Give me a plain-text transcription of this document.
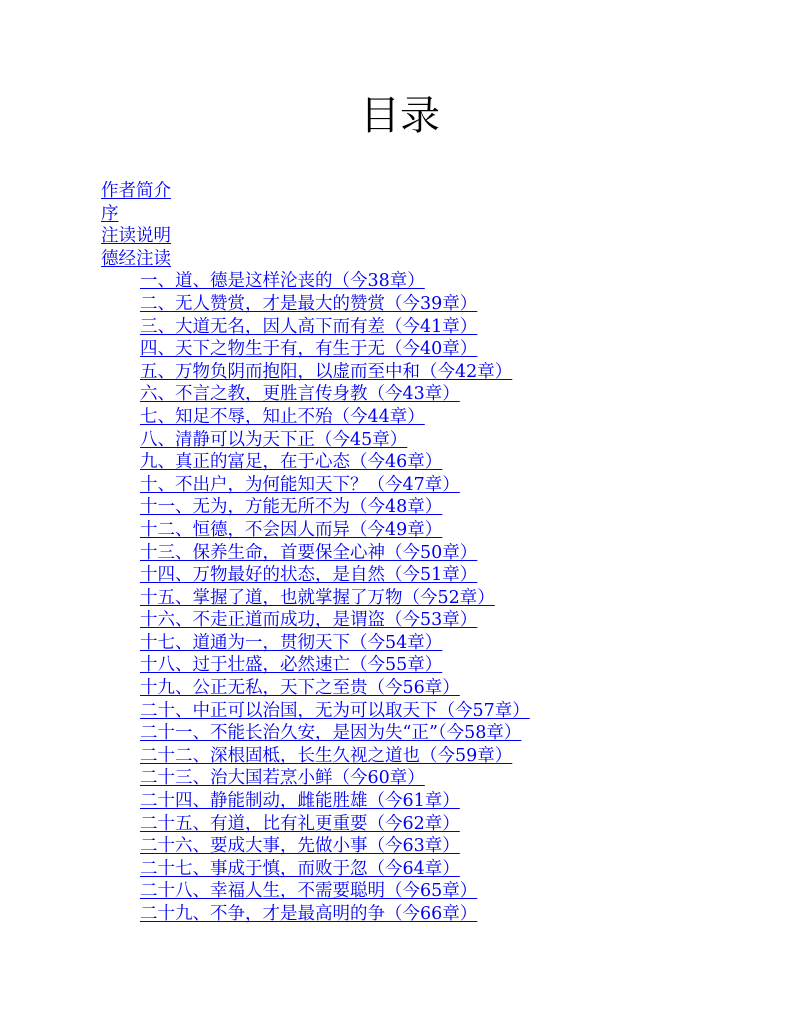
目录
作者简介
序
注读说明
德经注读
一、道、德是这样沦丧的（今38章）
二、无人赞赏，才是最大的赞赏（今39章）
三、大道无名，因人高下而有差（今41章）
四、天下之物生于有，有生于无（今40章）
五、万物负阴而抱阳，以虚而至中和（今42章）
六、不言之教，更胜言传身教（今43章）
七、知足不辱，知止不殆（今44章）
八、清静可以为天下正（今45章）
九、真正的富足，在于心态（今46章）
十、不出户，为何能知天下？（今47章）
十一、无为，方能无所不为（今48章）
十二、恒德，不会因人而异（今49章）
十三、保养生命，首要保全心神（今50章）
十四、万物最好的状态，是自然（今51章）
十五、掌握了道，也就掌握了万物（今52章）
十六、不走正道而成功，是谓盗（今53章）
十七、道通为一，贯彻天下（今54章）
十八、过于壮盛，必然速亡（今55章）
十九、公正无私，天下之至贵（今56章）
二十、中正可以治国，无为可以取天下（今57章）
二十一、不能长治久安，是因为失“正”（今58章）
二十二、深根固柢，长生久视之道也（今59章）
二十三、治大国若烹小鲜（今60章）
二十四、静能制动，雌能胜雄（今61章）
二十五、有道，比有礼更重要（今62章）
二十六、要成大事，先做小事（今63章）
二十七、事成于慎，而败于忽（今64章）
二十八、幸福人生，不需要聪明（今65章）
二十九、不争，才是最高明的争（今66章）
